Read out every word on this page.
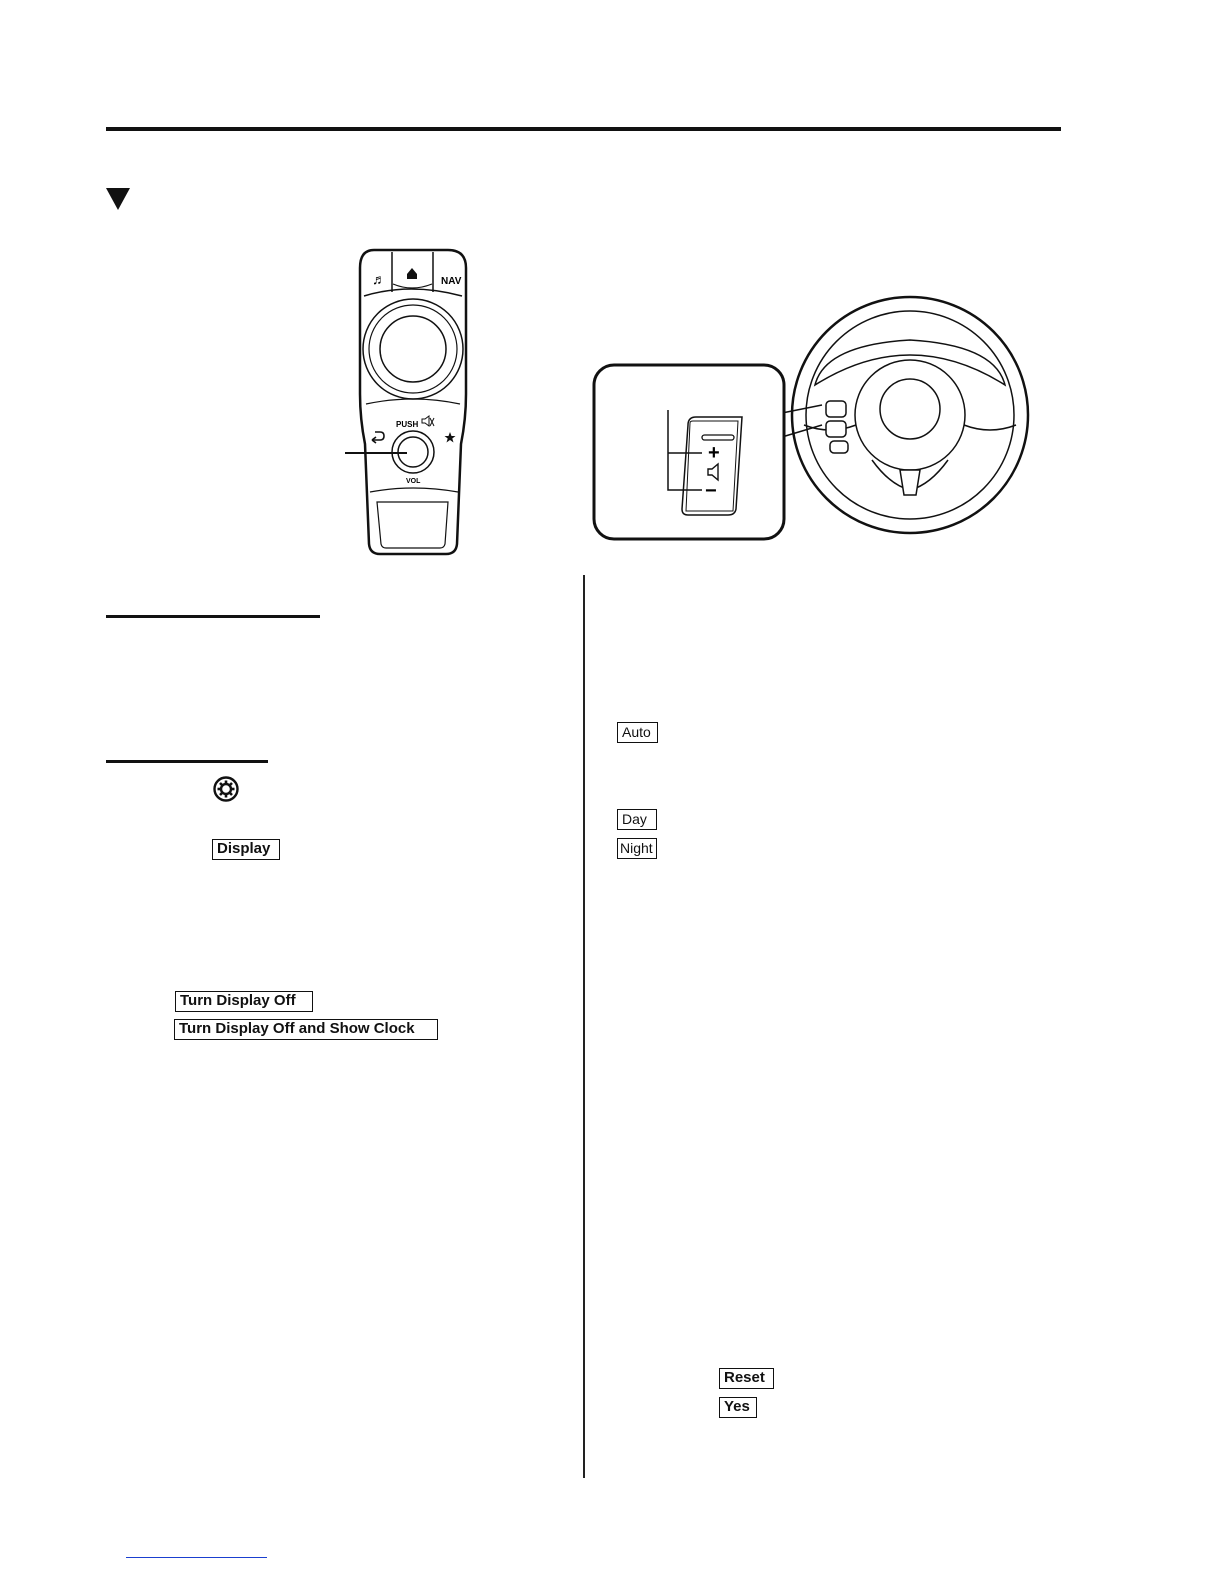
♬	NAV
PUSH
VOL
+
−
Display
Turn Display Off
Turn Display Off and Show Clock
Auto
Day
Night
Reset
Yes
